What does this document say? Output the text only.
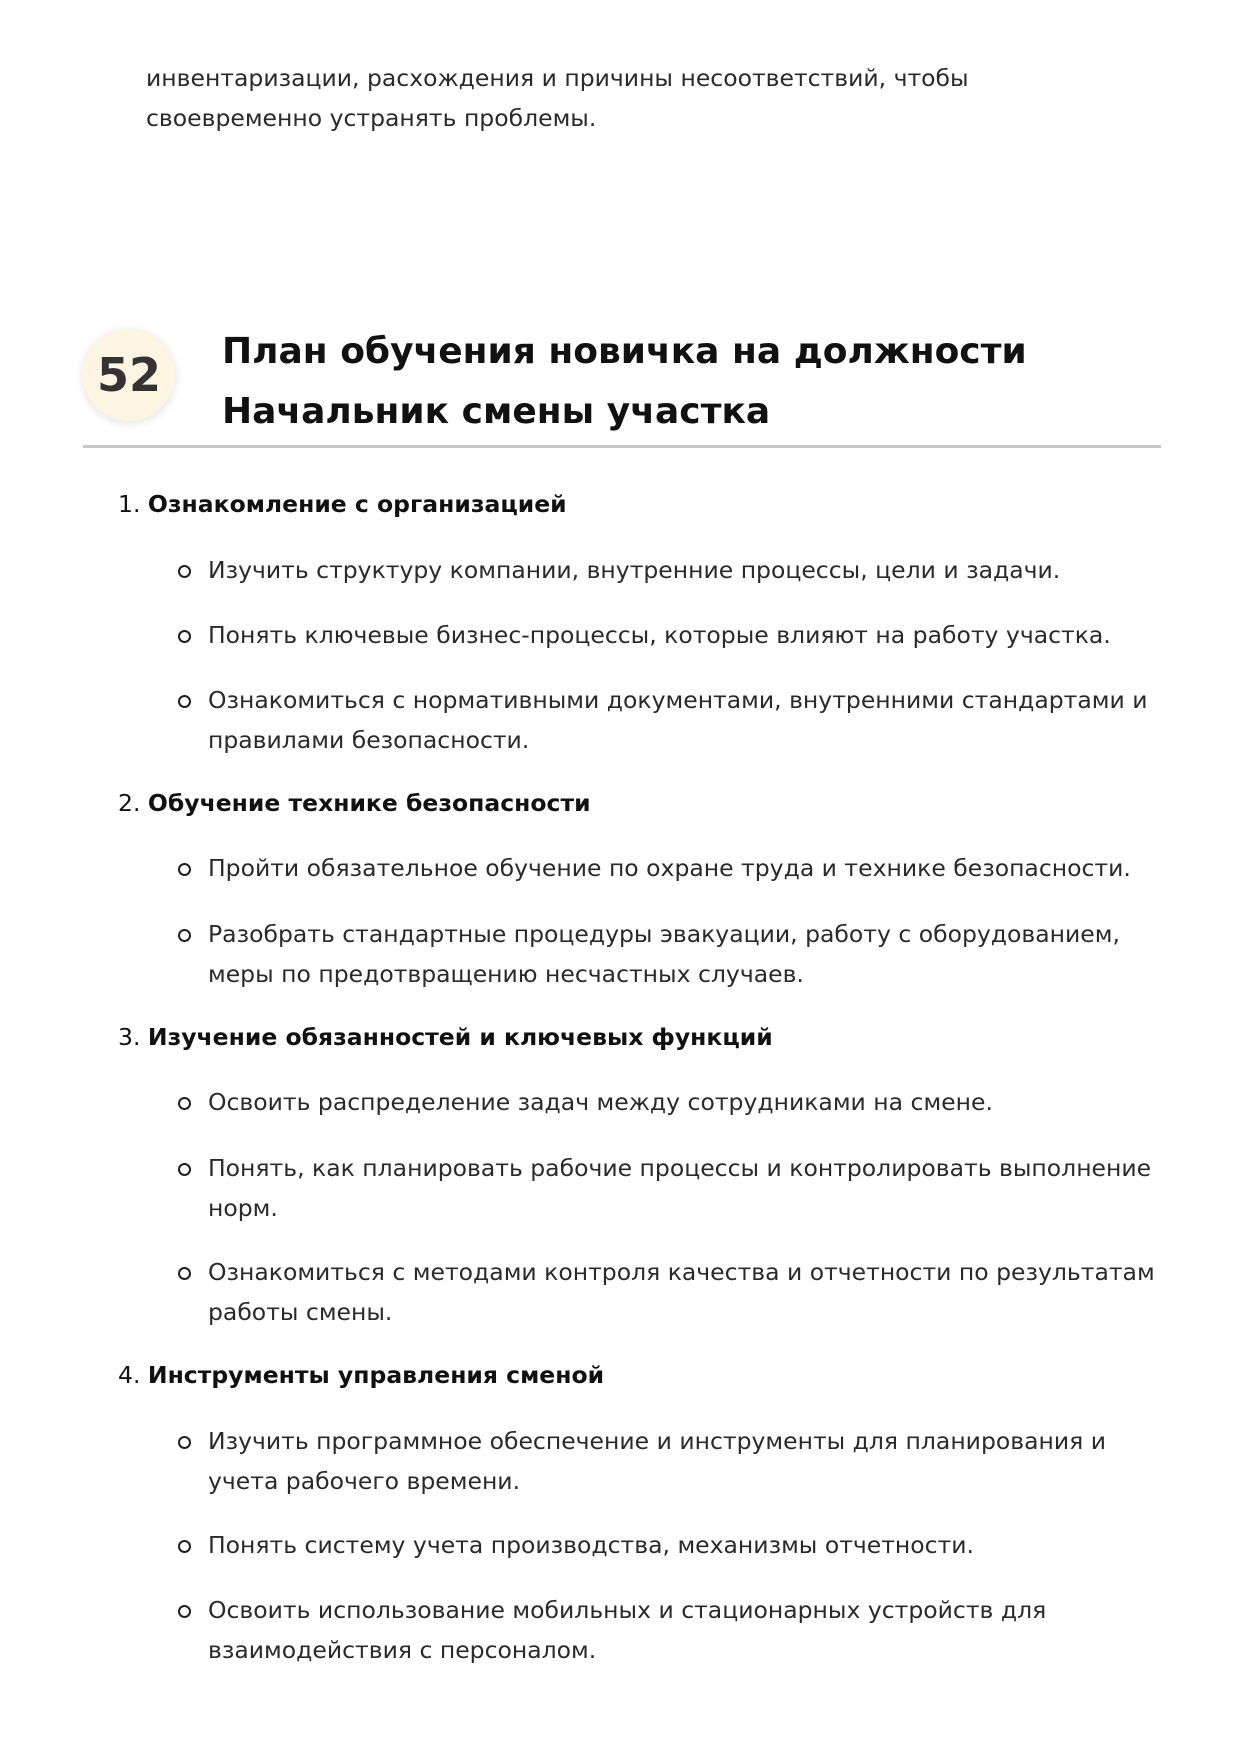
инвентаризации, расхождения и причины несоответствий, чтобы своевременно устранять проблемы.

52	План обучения новичка на должности Начальник смены участка
1. Ознакомление с организацией
Изучить структуру компании, внутренние процессы, цели и задачи.
Понять ключевые бизнес-процессы, которые влияют на работу участка.
Ознакомиться с нормативными документами, внутренними стандартами и правилами безопасности.
2. Обучение технике безопасности
Пройти обязательное обучение по охране труда и технике безопасности.
Разобрать стандартные процедуры эвакуации, работу с оборудованием, меры по предотвращению несчастных случаев.
3. Изучение обязанностей и ключевых функций
Освоить распределение задач между сотрудниками на смене.
Понять, как планировать рабочие процессы и контролировать выполнение норм.
Ознакомиться с методами контроля качества и отчетности по результатам работы смены.
4. Инструменты управления сменой
Изучить программное обеспечение и инструменты для планирования и учета рабочего времени.
Понять систему учета производства, механизмы отчетности.
Освоить использование мобильных и стационарных устройств для взаимодействия с персоналом.
